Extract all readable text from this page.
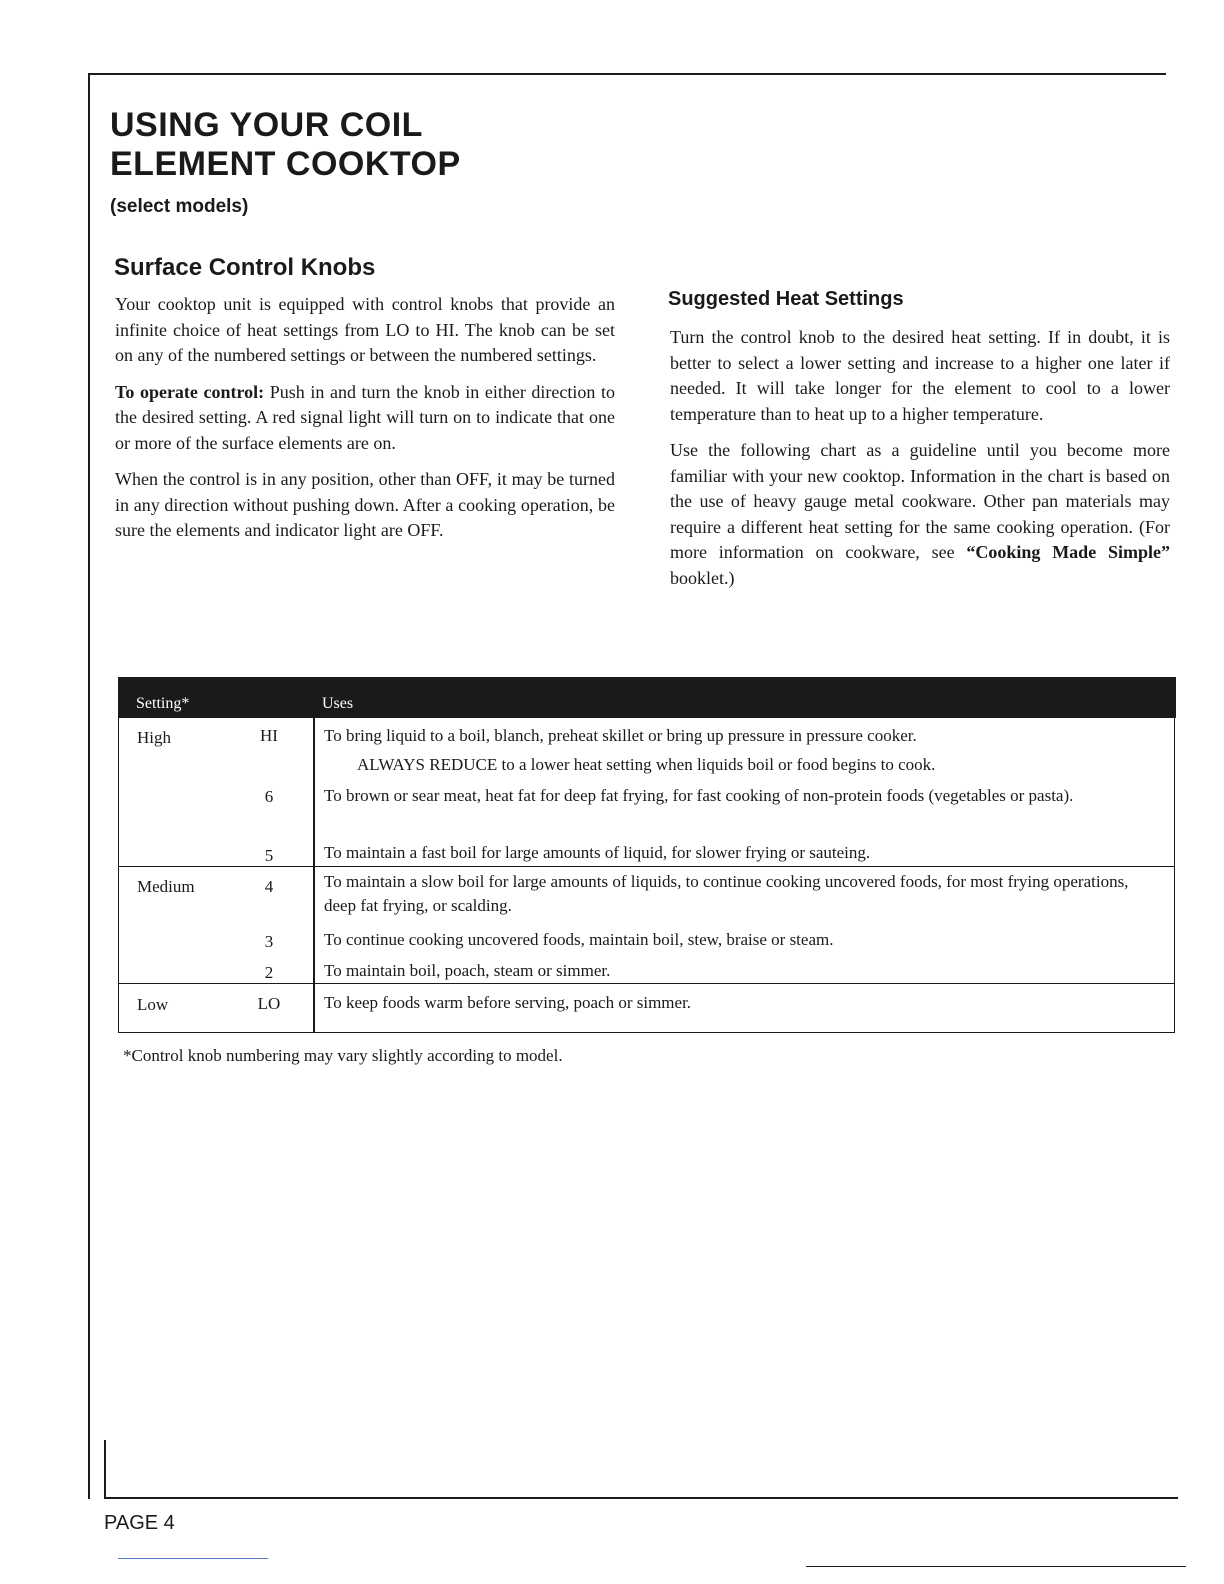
USING YOUR COIL
ELEMENT COOKTOP
(select models)
Surface Control Knobs

Your cooktop unit is equipped with control knobs that provide an infinite choice of heat settings from LO to HI. The knob can be set on any of the numbered settings or between the numbered settings.

To operate control: Push in and turn the knob in either direction to the desired setting. A red signal light will turn on to indicate that one or more of the surface elements are on.

When the control is in any position, other than OFF, it may be turned in any direction without pushing down. After a cooking operation, be sure the elements and indicator light are OFF.

Suggested Heat Settings

Turn the control knob to the desired heat setting. If in doubt, it is better to select a lower setting and increase to a higher one later if needed. It will take longer for the element to cool to a lower temperature than to heat up to a higher temperature.

Use the following chart as a guideline until you become more familiar with your new cooktop. Information in the chart is based on the use of heavy gauge metal cookware. Other pan materials may require a different heat setting for the same cooking operation. (For more information on cookware, see “Cooking Made Simple” booklet.)

Setting*	Uses
High	HI	To bring liquid to a boil, blanch, preheat skillet or bring up pressure in pressure cooker.
ALWAYS REDUCE to a lower heat setting when liquids boil or food begins to cook.
6	To brown or sear meat, heat fat for deep fat frying, for fast cooking of non-protein foods (vegetables or pasta).
5	To maintain a fast boil for large amounts of liquid, for slower frying or sauteing.
Medium	4	To maintain a slow boil for large amounts of liquids, to continue cooking uncovered foods, for most frying operations, deep fat frying, or scalding.
3	To continue cooking uncovered foods, maintain boil, stew, braise or steam.
2	To maintain boil, poach, steam or simmer.
Low	LO	To keep foods warm before serving, poach or simmer.
*Control knob numbering may vary slightly according to model.
PAGE 4
